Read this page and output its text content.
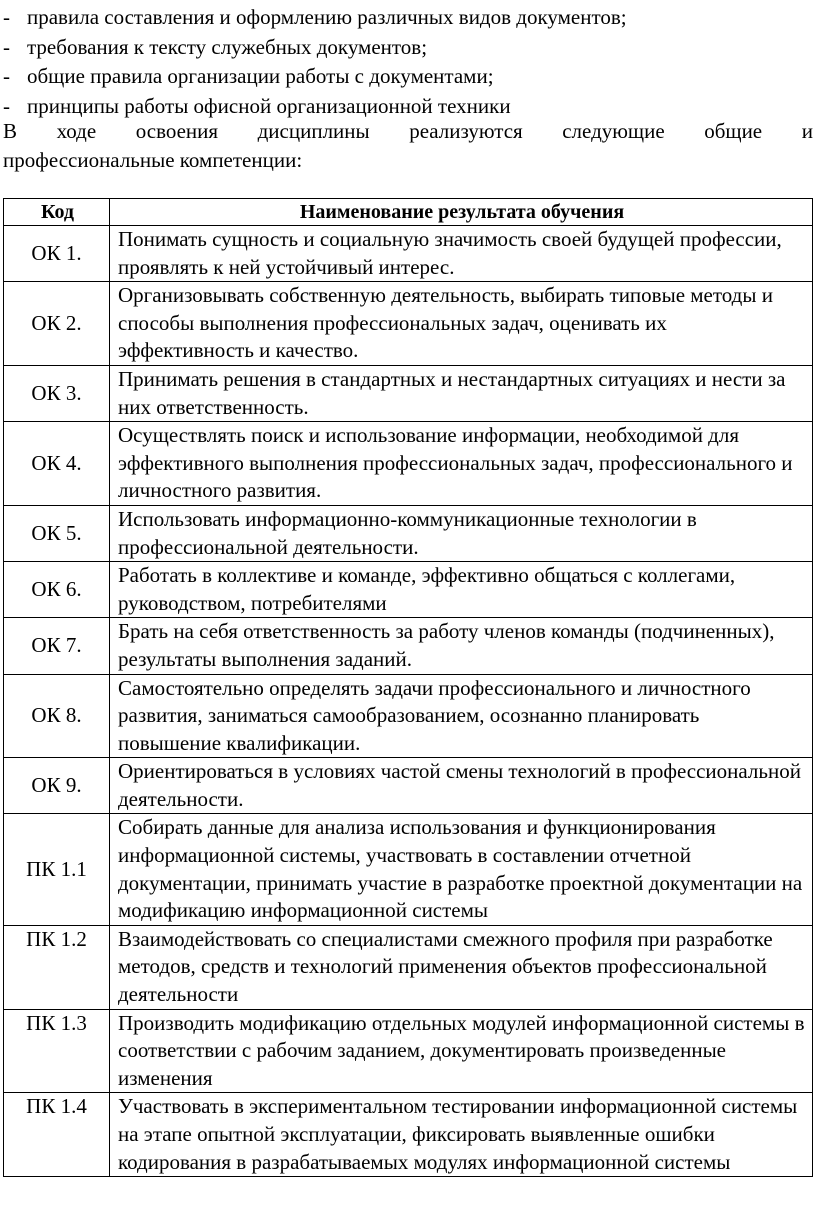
- правила составления и оформлению различных видов документов;
- требования к тексту служебных документов;
- общие правила организации работы с документами;
- принципы работы офисной организационной техники
В ходе освоения дисциплины реализуются следующие общие и
профессиональные компетенции:
Код	Наименование результата обучения
ОК 1.	Понимать сущность и социальную значимость своей будущей профессии, проявлять к ней устойчивый интерес.
ОК 2.	Организовывать собственную деятельность, выбирать типовые методы и способы выполнения профессиональных задач, оценивать их эффективность и качество.
ОК 3.	Принимать решения в стандартных и нестандартных ситуациях и нести за них ответственность.
ОК 4.	Осуществлять поиск и использование информации, необходимой для эффективного выполнения профессиональных задач, профессионального и личностного развития.
ОК 5.	Использовать информационно-коммуникационные технологии в профессиональной деятельности.
ОК 6.	Работать в коллективе и команде, эффективно общаться с коллегами, руководством, потребителями
ОК 7.	Брать на себя ответственность за работу членов команды (подчиненных), результаты выполнения заданий.
ОК 8.	Самостоятельно определять задачи профессионального и личностного развития, заниматься самообразованием, осознанно планировать повышение квалификации.
ОК 9.	Ориентироваться в условиях частой смены технологий в профессиональной деятельности.
ПК 1.1	Собирать данные для анализа использования и функционирования информационной системы, участвовать в составлении отчетной документации, принимать участие в разработке проектной документации на модификацию информационной системы
ПК 1.2	Взаимодействовать со специалистами смежного профиля при разработке методов, средств и технологий применения объектов профессиональной деятельности
ПК 1.3	Производить модификацию отдельных модулей информационной системы в соответствии с рабочим заданием, документировать произведенные изменения
ПК 1.4	Участвовать в экспериментальном тестировании информационной системы на этапе опытной эксплуатации, фиксировать выявленные ошибки кодирования в разрабатываемых модулях информационной системы
